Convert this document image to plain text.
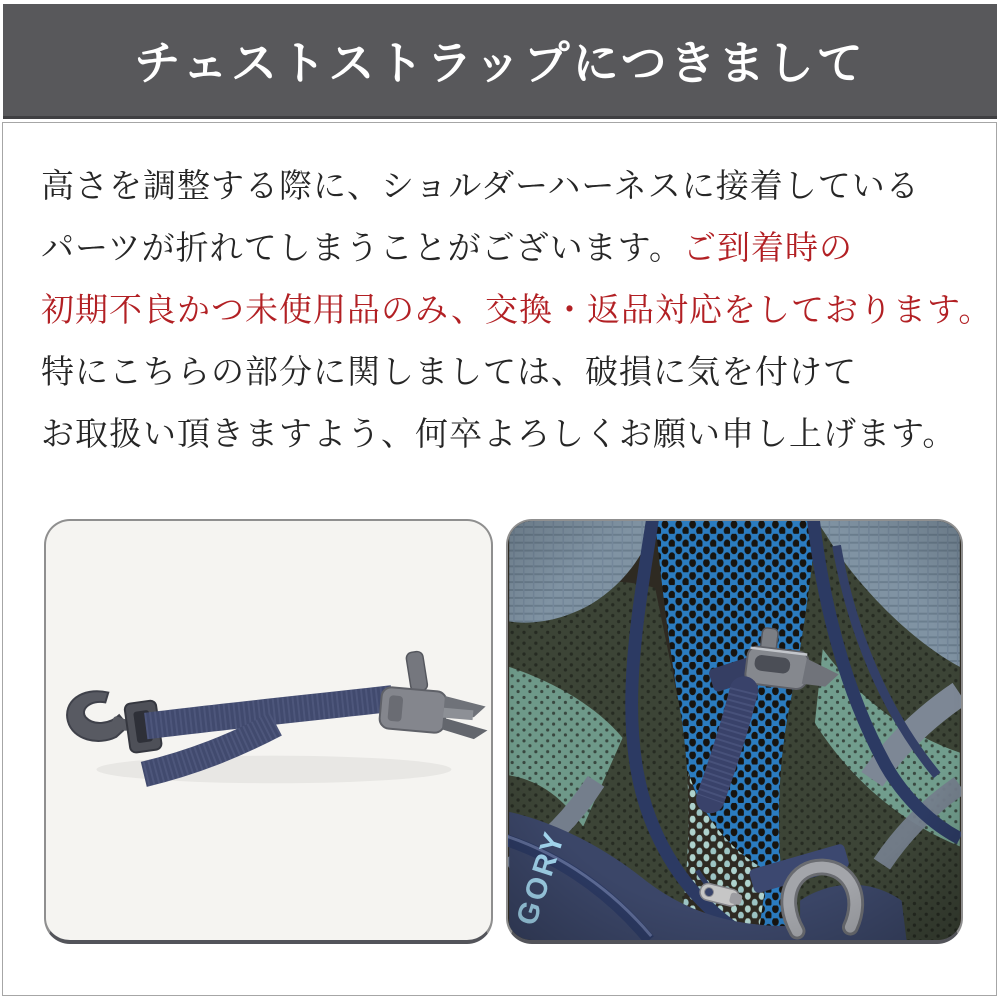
チェストストラップにつきまして

高さを調整する際に、ショルダーハーネスに接着している

パーツが折れてしまうことがございます。ご到着時の

初期不良かつ未使用品のみ、交換・返品対応をしております。

特にこちらの部分に関しましては、破損に気を付けて

お取扱い頂きますよう、何卒よろしくお願い申し上げます。
